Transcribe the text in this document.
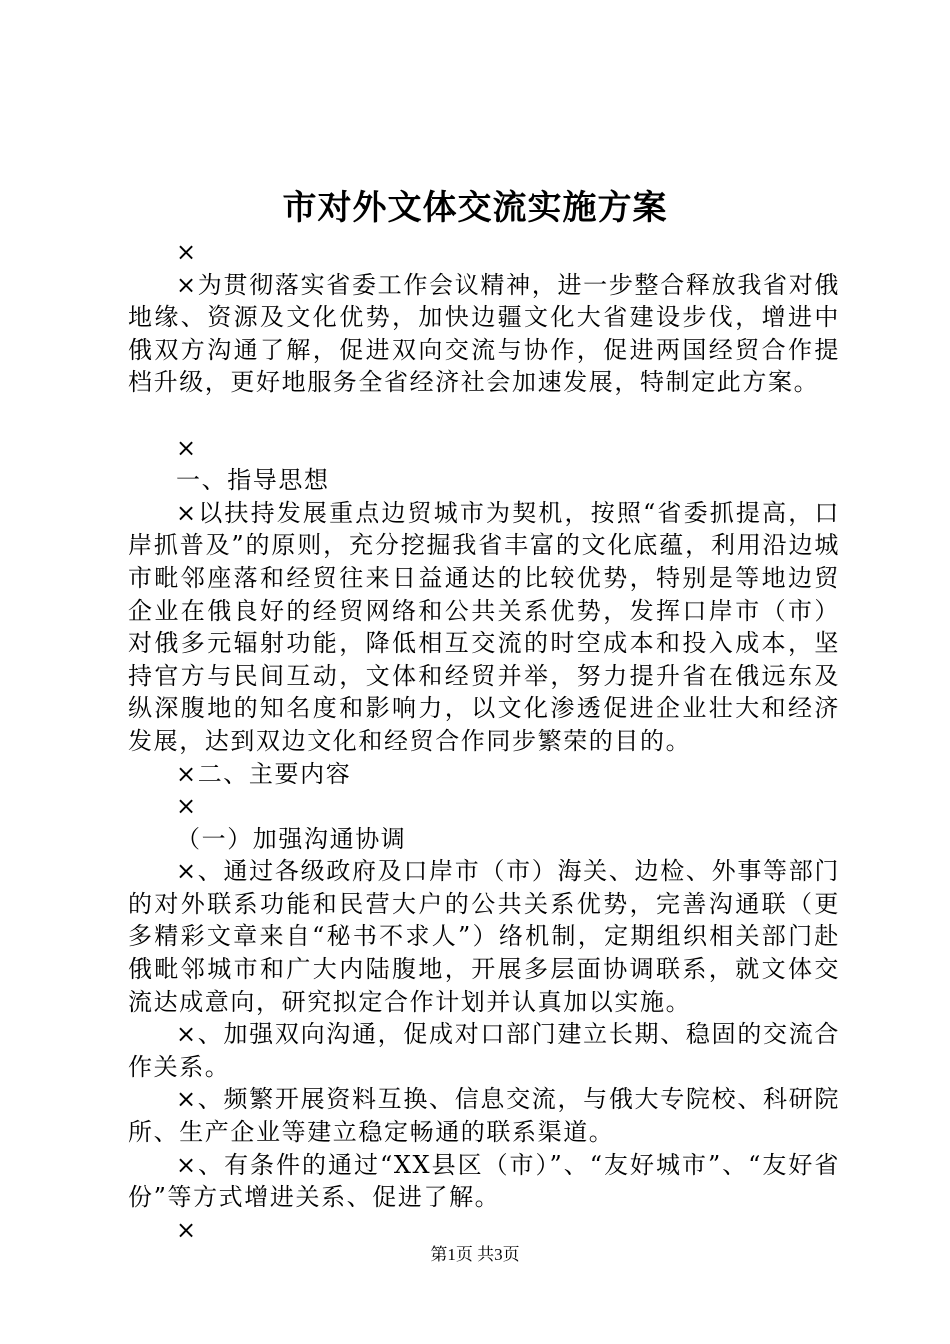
市对外文体交流实施方案

×

×为贯彻落实省委工作会议精神，进一步整合释放我省对俄地缘、资源及文化优势，加快边疆文化大省建设步伐，增进中俄双方沟通了解，促进双向交流与协作，促进两国经贸合作提档升级，更好地服务全省经济社会加速发展，特制定此方案。

×

一、指导思想

×以扶持发展重点边贸城市为契机，按照“省委抓提高，口岸抓普及”的原则，充分挖掘我省丰富的文化底蕴，利用沿边城市毗邻座落和经贸往来日益通达的比较优势，特别是等地边贸企业在俄良好的经贸网络和公共关系优势，发挥口岸市（市）对俄多元辐射功能，降低相互交流的时空成本和投入成本，坚持官方与民间互动，文体和经贸并举，努力提升省在俄远东及纵深腹地的知名度和影响力，以文化渗透促进企业壮大和经济发展，达到双边文化和经贸合作同步繁荣的目的。

×二、主要内容

×

（一）加强沟通协调

×、通过各级政府及口岸市（市）海关、边检、外事等部门的对外联系功能和民营大户的公共关系优势，完善沟通联（更多精彩文章来自“秘书不求人”）络机制，定期组织相关部门赴俄毗邻城市和广大内陆腹地，开展多层面协调联系，就文体交流达成意向，研究拟定合作计划并认真加以实施。

×、加强双向沟通，促成对口部门建立长期、稳固的交流合作关系。

×、频繁开展资料互换、信息交流，与俄大专院校、科研院所、生产企业等建立稳定畅通的联系渠道。

×、有条件的通过“XX县区（市）”、“友好城市”、“友好省份”等方式增进关系、促进了解。

×

第1页 共3页
